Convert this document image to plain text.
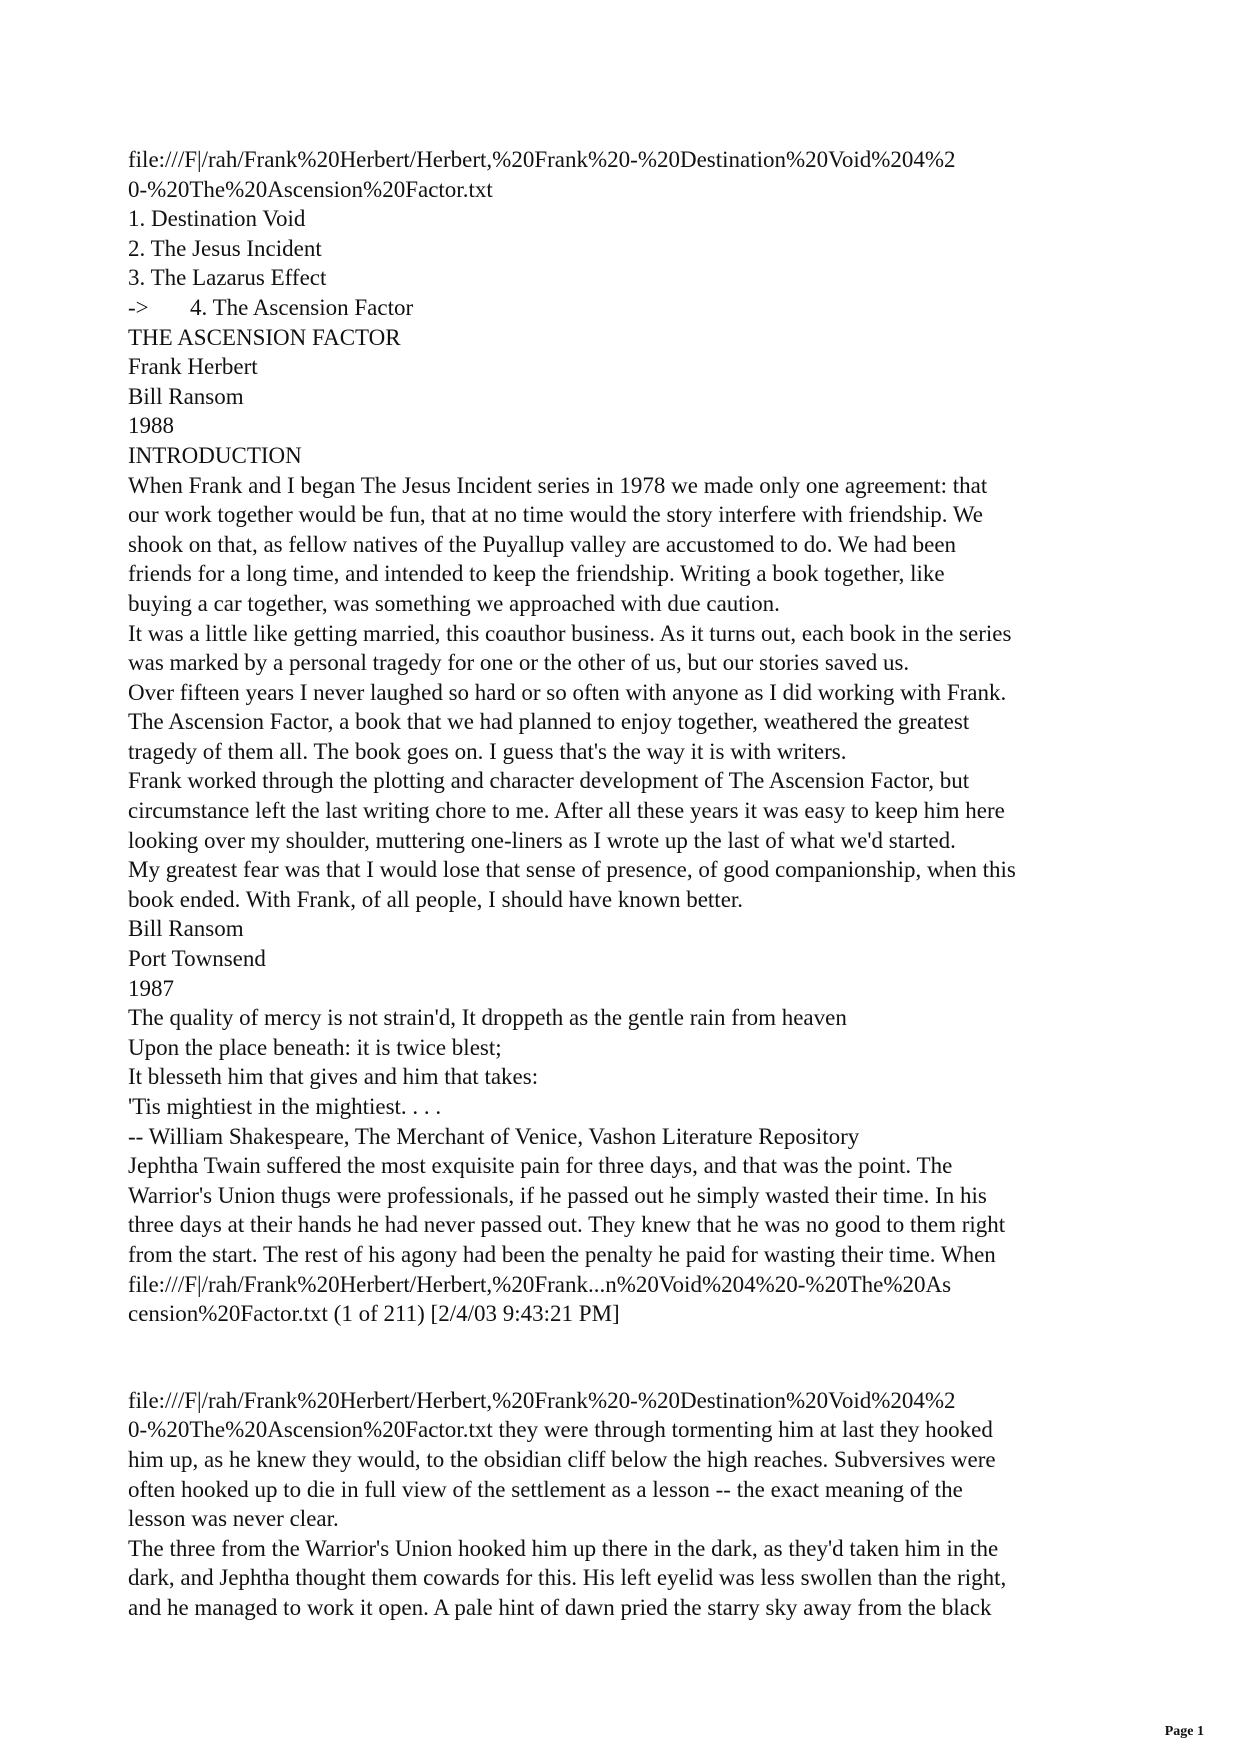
file:///F|/rah/Frank%20Herbert/Herbert,%20Frank%20-%20Destination%20Void%204%2
0-%20The%20Ascension%20Factor.txt
1. Destination Void
2. The Jesus Incident
3. The Lazarus Effect
-> 4. The Ascension Factor
THE ASCENSION FACTOR
Frank Herbert
Bill Ransom
1988
INTRODUCTION
When Frank and I began The Jesus Incident series in 1978 we made only one agreement: that
our work together would be fun, that at no time would the story interfere with friendship. We
shook on that, as fellow natives of the Puyallup valley are accustomed to do. We had been
friends for a long time, and intended to keep the friendship. Writing a book together, like
buying a car together, was something we approached with due caution.
It was a little like getting married, this coauthor business. As it turns out, each book in the series
was marked by a personal tragedy for one or the other of us, but our stories saved us.
Over fifteen years I never laughed so hard or so often with anyone as I did working with Frank.
The Ascension Factor, a book that we had planned to enjoy together, weathered the greatest
tragedy of them all. The book goes on. I guess that's the way it is with writers.
Frank worked through the plotting and character development of The Ascension Factor, but
circumstance left the last writing chore to me. After all these years it was easy to keep him here
looking over my shoulder, muttering one-liners as I wrote up the last of what we'd started.
My greatest fear was that I would lose that sense of presence, of good companionship, when this
book ended. With Frank, of all people, I should have known better.
Bill Ransom
Port Townsend
1987
The quality of mercy is not strain'd, It droppeth as the gentle rain from heaven
Upon the place beneath: it is twice blest;
It blesseth him that gives and him that takes:
'Tis mightiest in the mightiest. . . .
-- William Shakespeare, The Merchant of Venice, Vashon Literature Repository
Jephtha Twain suffered the most exquisite pain for three days, and that was the point. The
Warrior's Union thugs were professionals, if he passed out he simply wasted their time. In his
three days at their hands he had never passed out. They knew that he was no good to them right
from the start. The rest of his agony had been the penalty he paid for wasting their time. When
file:///F|/rah/Frank%20Herbert/Herbert,%20Frank...n%20Void%204%20-%20The%20As
cension%20Factor.txt (1 of 211) [2/4/03 9:43:21 PM]
file:///F|/rah/Frank%20Herbert/Herbert,%20Frank%20-%20Destination%20Void%204%2
0-%20The%20Ascension%20Factor.txt they were through tormenting him at last they hooked
him up, as he knew they would, to the obsidian cliff below the high reaches. Subversives were
often hooked up to die in full view of the settlement as a lesson -- the exact meaning of the
lesson was never clear.
The three from the Warrior's Union hooked him up there in the dark, as they'd taken him in the
dark, and Jephtha thought them cowards for this. His left eyelid was less swollen than the right,
and he managed to work it open. A pale hint of dawn pried the starry sky away from the black
Page 1
